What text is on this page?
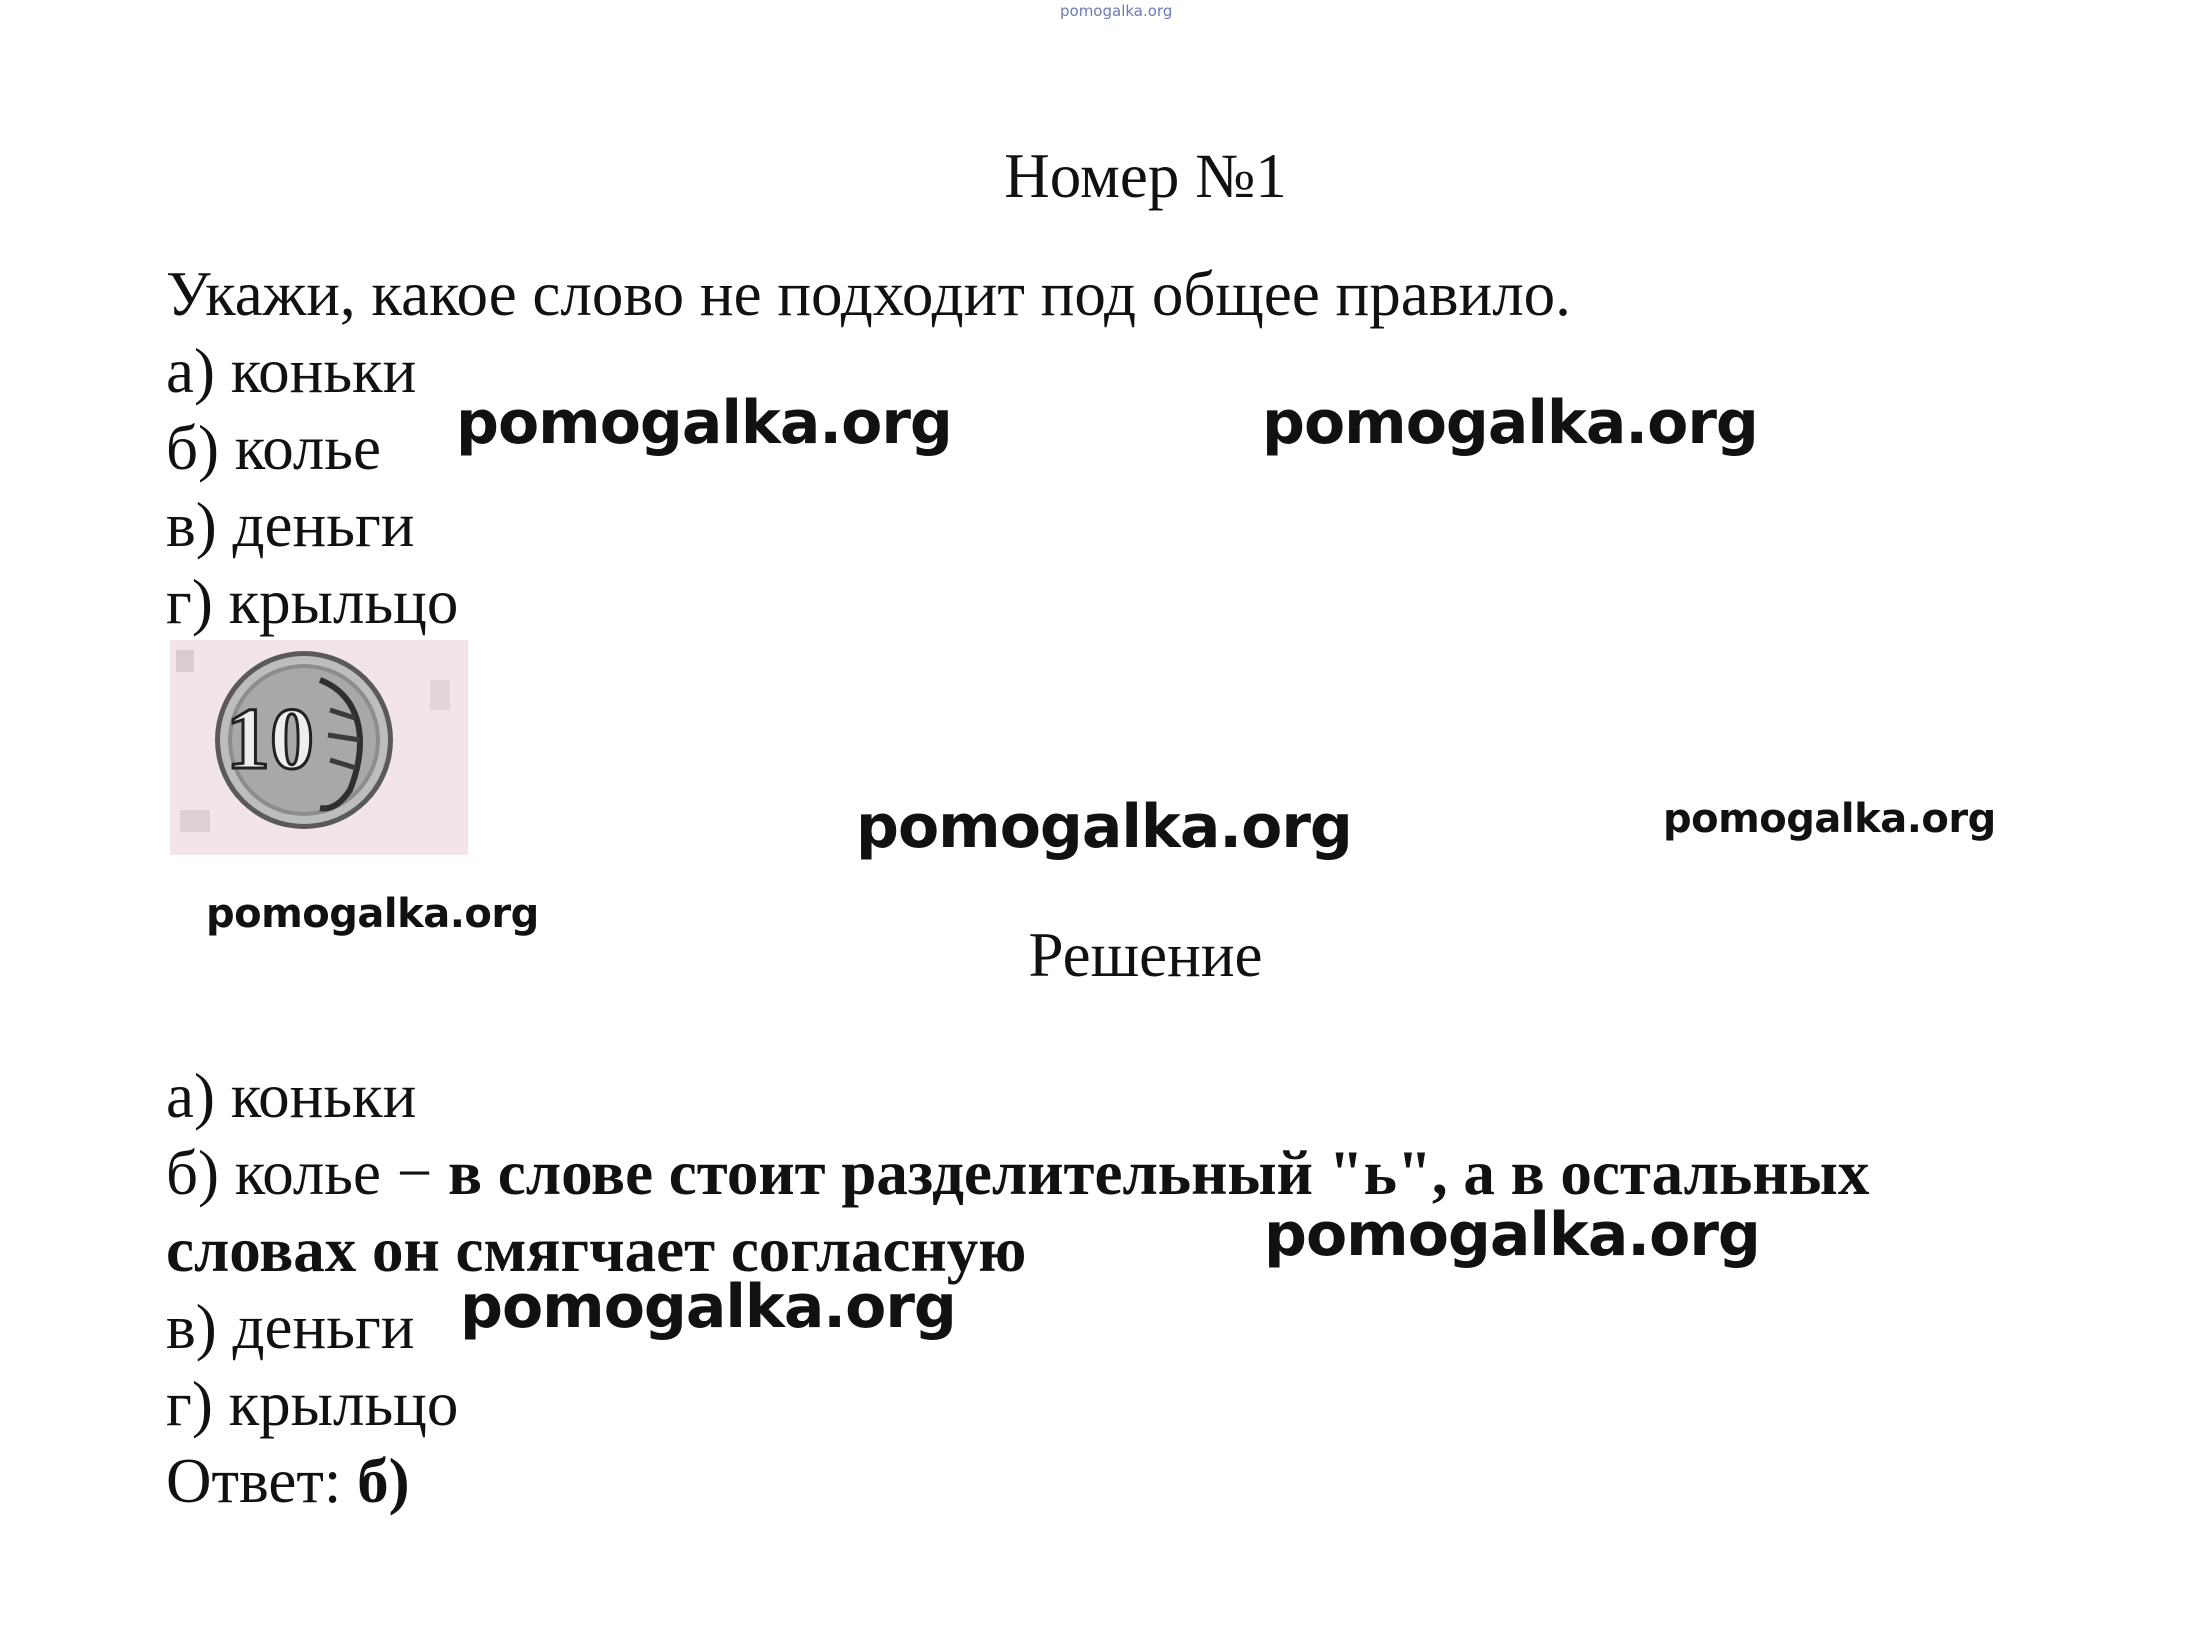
pomogalka.org
Номер №1
Укажи, какое слово не подходит под общее правило.
а) коньки
б) колье
в) деньги
г) крыльцо
10
Решение
а) коньки
б) колье − в слове стоит разделительный "ь", а в остальных
словах он смягчает согласную
в) деньги
г) крыльцо
Ответ: б)
pomogalka.org	pomogalka.org
pomogalka.org	pomogalka.org
pomogalka.org
pomogalka.org
pomogalka.org
